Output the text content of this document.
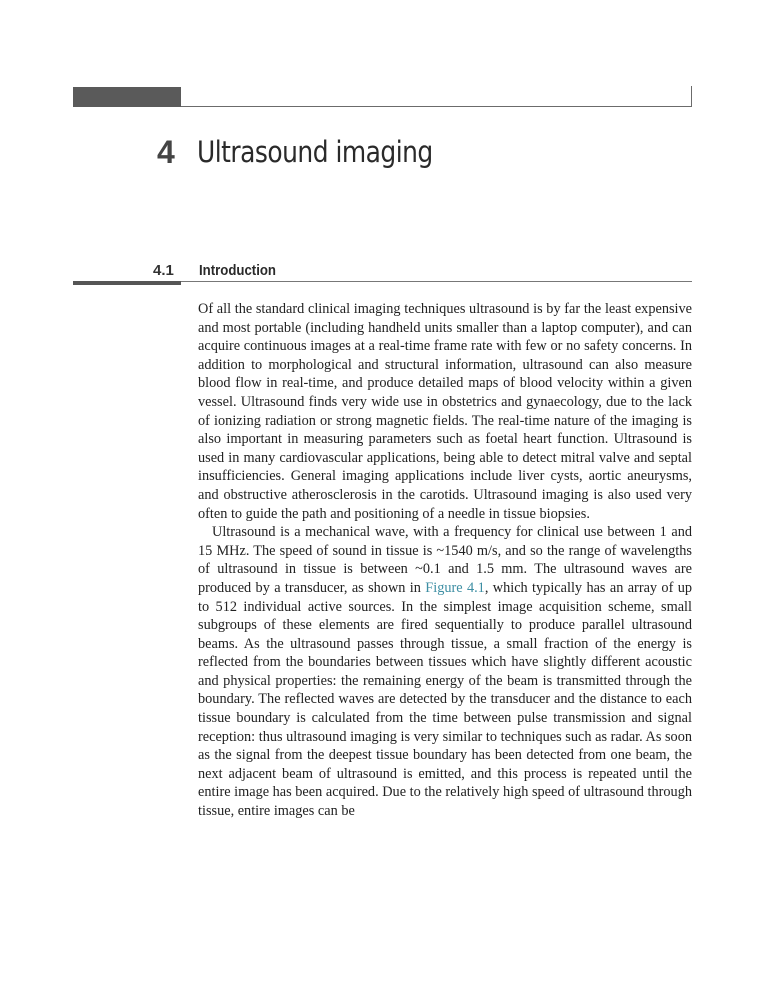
4 Ultrasound imaging
4.1 Introduction

Of all the standard clinical imaging techniques ultrasound is by far the least expensive and most portable (including handheld units smaller than a laptop computer), and can acquire continuous images at a real-time frame rate with few or no safety concerns. In addition to morphological and structural information, ultrasound can also measure blood flow in real-time, and produce detailed maps of blood velocity within a given vessel. Ultrasound finds very wide use in obstetrics and gynaecology, due to the lack of ionizing radiation or strong magnetic fields. The real-time nature of the imaging is also important in measuring parameters such as foetal heart function. Ultrasound is used in many cardiovascular applications, being able to detect mitral valve and septal insufficiencies. General imaging applications include liver cysts, aortic aneurysms, and obstructive atherosclerosis in the carotids. Ultrasound imaging is also used very often to guide the path and positioning of a needle in tissue biopsies.

Ultrasound is a mechanical wave, with a frequency for clinical use between 1 and 15 MHz. The speed of sound in tissue is ~1540 m/s, and so the range of wavelengths of ultrasound in tissue is between ~0.1 and 1.5 mm. The ultrasound waves are produced by a transducer, as shown in Figure 4.1, which typically has an array of up to 512 individual active sources. In the simplest image acquisition scheme, small subgroups of these elements are fired sequentially to produce parallel ultrasound beams. As the ultrasound passes through tissue, a small fraction of the energy is reflected from the boundaries between tissues which have slightly different acoustic and physical properties: the remaining energy of the beam is transmitted through the boundary. The reflected waves are detected by the transducer and the distance to each tissue boundary is calculated from the time between pulse transmission and signal reception: thus ultrasound imaging is very similar to techniques such as radar. As soon as the signal from the deepest tissue boundary has been detected from one beam, the next adjacent beam of ultrasound is emitted, and this process is repeated until the entire image has been acquired. Due to the relatively high speed of ultrasound through tissue, entire images can be
